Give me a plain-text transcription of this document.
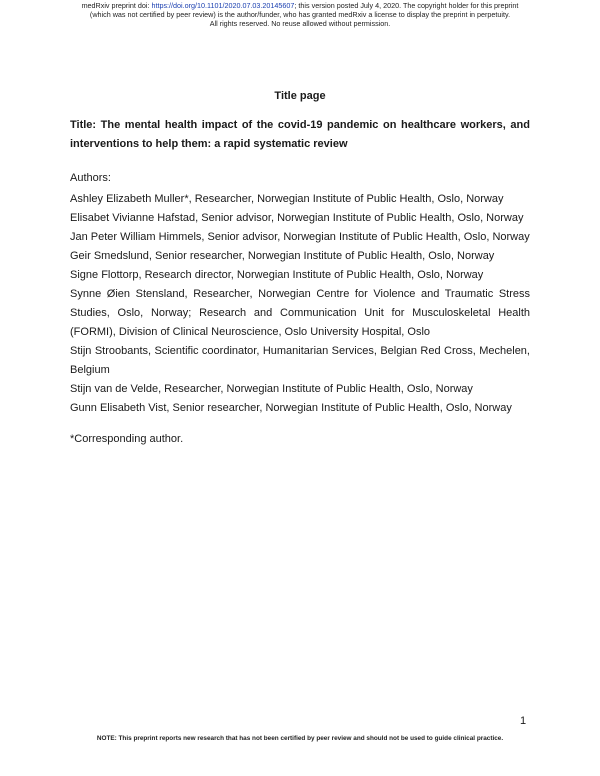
medRxiv preprint doi: https://doi.org/10.1101/2020.07.03.20145607; this version posted July 4, 2020. The copyright holder for this preprint
(which was not certified by peer review) is the author/funder, who has granted medRxiv a license to display the preprint in perpetuity.
All rights reserved. No reuse allowed without permission.
Title page
Title: The mental health impact of the covid-19 pandemic on healthcare workers, and interventions to help them: a rapid systematic review
Authors:
Ashley Elizabeth Muller*, Researcher, Norwegian Institute of Public Health, Oslo, Norway
Elisabet Vivianne Hafstad, Senior advisor, Norwegian Institute of Public Health, Oslo, Norway
Jan Peter William Himmels, Senior advisor, Norwegian Institute of Public Health, Oslo, Norway
Geir Smedslund, Senior researcher, Norwegian Institute of Public Health, Oslo, Norway
Signe Flottorp, Research director, Norwegian Institute of Public Health, Oslo, Norway
Synne Øien Stensland, Researcher, Norwegian Centre for Violence and Traumatic Stress Studies, Oslo, Norway; Research and Communication Unit for Musculoskeletal Health (FORMI), Division of Clinical Neuroscience, Oslo University Hospital, Oslo
Stijn Stroobants, Scientific coordinator, Humanitarian Services, Belgian Red Cross, Mechelen, Belgium
Stijn van de Velde, Researcher, Norwegian Institute of Public Health, Oslo, Norway
Gunn Elisabeth Vist, Senior researcher, Norwegian Institute of Public Health, Oslo, Norway
*Corresponding author.
1
NOTE: This preprint reports new research that has not been certified by peer review and should not be used to guide clinical practice.
